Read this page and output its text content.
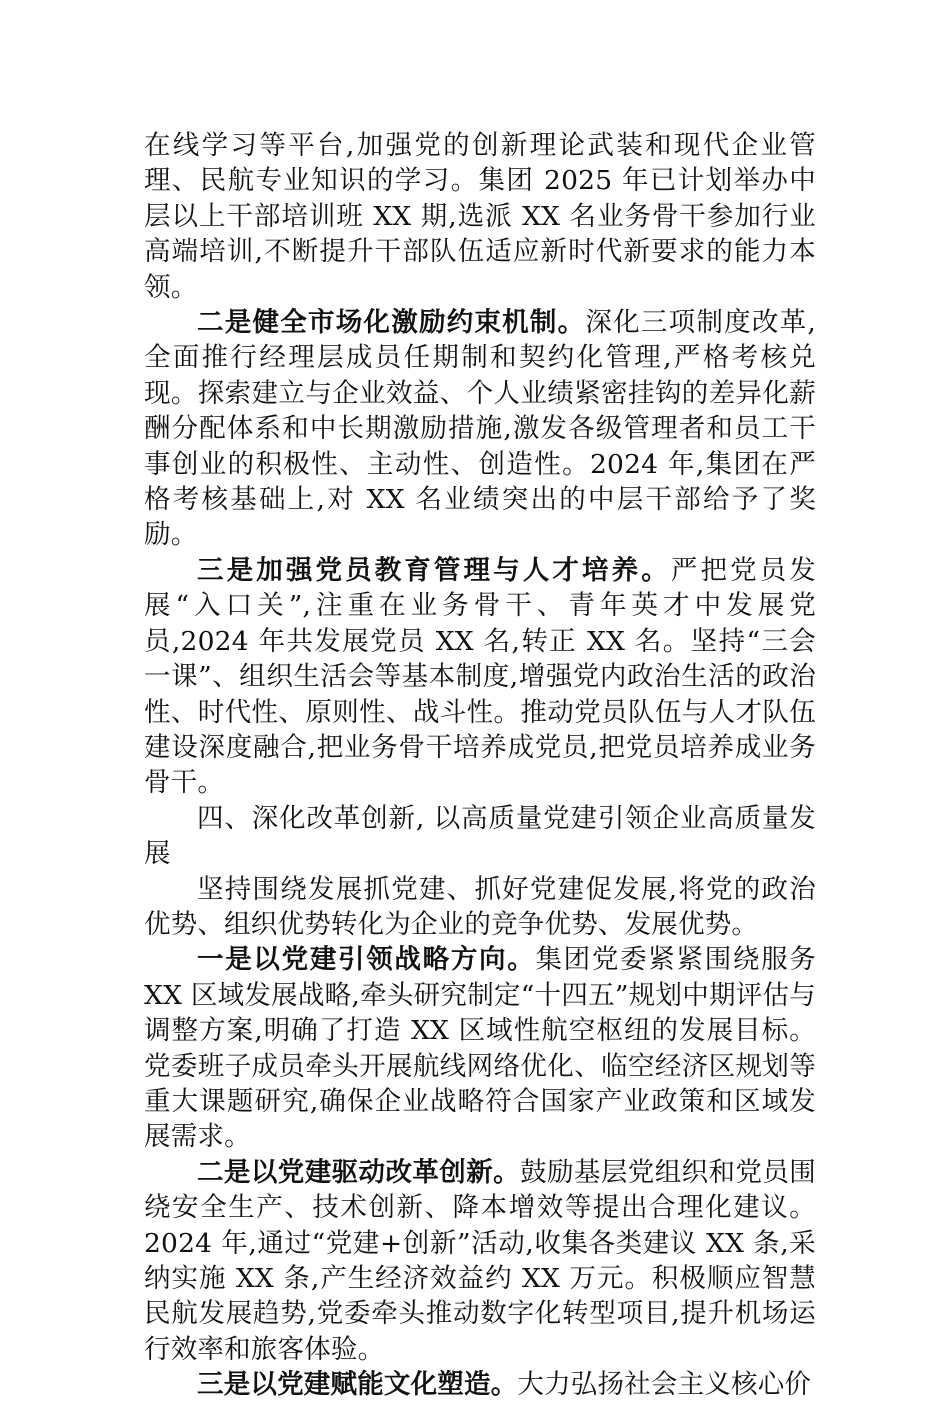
在线学习等平台,加强党的创新理论武装和现代企业管理、民航专业知识的学习。集团 2025 年已计划举办中层以上干部培训班 XX 期,选派 XX 名业务骨干参加行业高端培训,不断提升干部队伍适应新时代新要求的能力本领。

二是健全市场化激励约束机制。深化三项制度改革,全面推行经理层成员任期制和契约化管理,严格考核兑现。探索建立与企业效益、个人业绩紧密挂钩的差异化薪酬分配体系和中长期激励措施,激发各级管理者和员工干事创业的积极性、主动性、创造性。2024 年,集团在严格考核基础上,对 XX 名业绩突出的中层干部给予了奖励。

三是加强党员教育管理与人才培养。严把党员发展“入口关”,注重在业务骨干、青年英才中发展党员,2024 年共发展党员 XX 名,转正 XX 名。坚持“三会一课”、组织生活会等基本制度,增强党内政治生活的政治性、时代性、原则性、战斗性。推动党员队伍与人才队伍建设深度融合,把业务骨干培养成党员,把党员培养成业务骨干。

四、深化改革创新, 以高质量党建引领企业高质量发展

坚持围绕发展抓党建、抓好党建促发展,将党的政治优势、组织优势转化为企业的竞争优势、发展优势。

一是以党建引领战略方向。集团党委紧紧围绕服务 XX 区域发展战略,牵头研究制定“十四五”规划中期评估与调整方案,明确了打造 XX 区域性航空枢纽的发展目标。党委班子成员牵头开展航线网络优化、临空经济区规划等重大课题研究,确保企业战略符合国家产业政策和区域发展需求。

二是以党建驱动改革创新。鼓励基层党组织和党员围绕安全生产、技术创新、降本增效等提出合理化建议。2024 年,通过“党建+创新”活动,收集各类建议 XX 条,采纳实施 XX 条,产生经济效益约 XX 万元。积极顺应智慧民航发展趋势,党委牵头推动数字化转型项目,提升机场运行效率和旅客体验。

三是以党建赋能文化塑造。大力弘扬社会主义核心价
